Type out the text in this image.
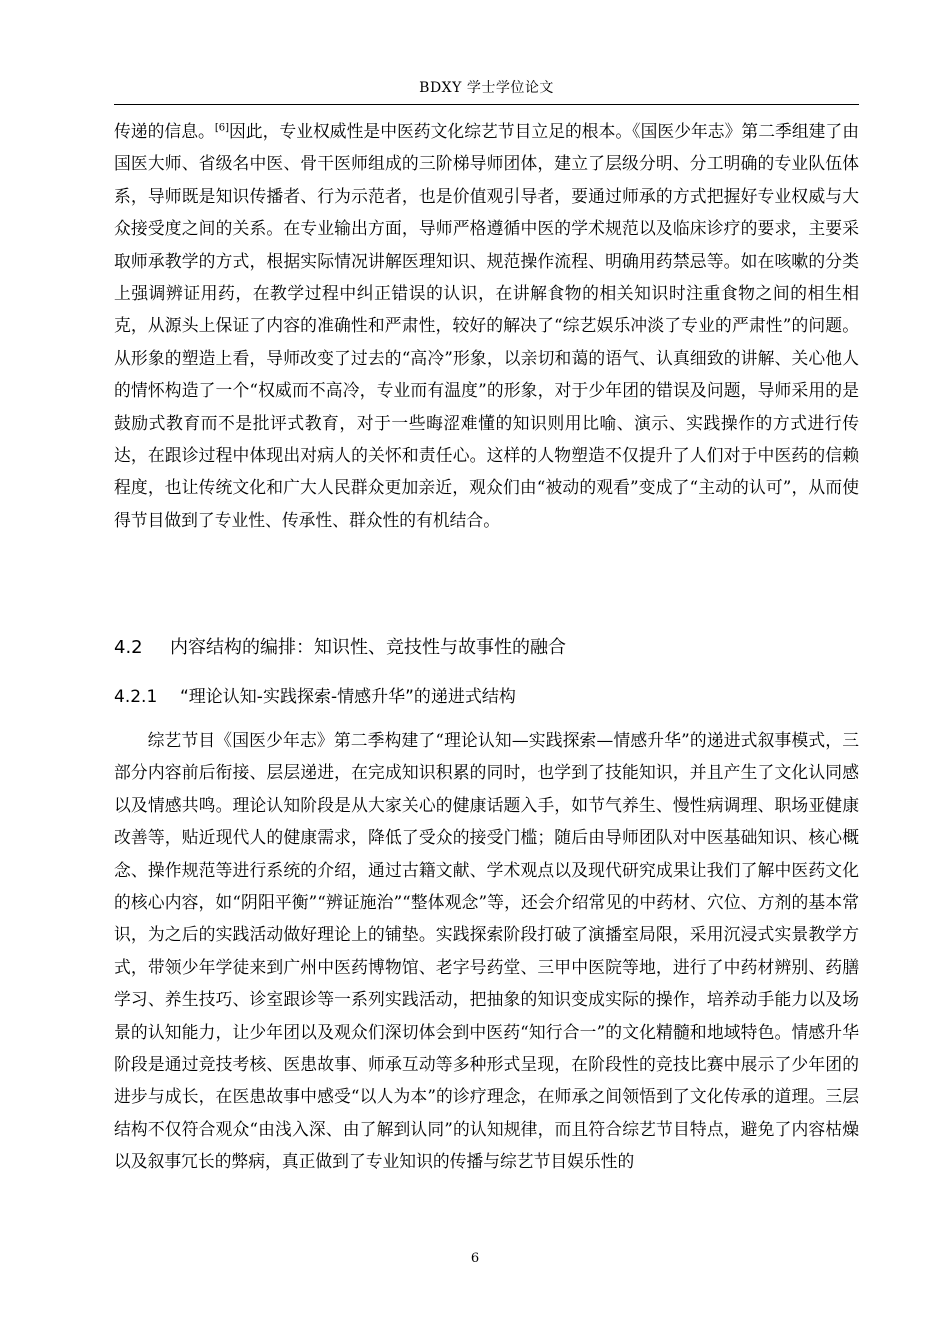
BDXY 学士学位论文

传递的信息。[6]因此，专业权威性是中医药文化综艺节目立足的根本。《国医少年志》第二季组建了由国医大师、省级名中医、骨干医师组成的三阶梯导师团体，建立了层级分明、分工明确的专业队伍体系，导师既是知识传播者、行为示范者，也是价值观引导者，要通过师承的方式把握好专业权威与大众接受度之间的关系。在专业输出方面，导师严格遵循中医的学术规范以及临床诊疗的要求，主要采取师承教学的方式，根据实际情况讲解医理知识、规范操作流程、明确用药禁忌等。如在咳嗽的分类上强调辨证用药，在教学过程中纠正错误的认识，在讲解食物的相关知识时注重食物之间的相生相克，从源头上保证了内容的准确性和严肃性，较好的解决了“综艺娱乐冲淡了专业的严肃性”的问题。从形象的塑造上看，导师改变了过去的“高冷”形象，以亲切和蔼的语气、认真细致的讲解、关心他人的情怀构造了一个“权威而不高冷，专业而有温度”的形象，对于少年团的错误及问题，导师采用的是鼓励式教育而不是批评式教育，对于一些晦涩难懂的知识则用比喻、演示、实践操作的方式进行传达，在跟诊过程中体现出对病人的关怀和责任心。这样的人物塑造不仅提升了人们对于中医药的信赖程度，也让传统文化和广大人民群众更加亲近，观众们由“被动的观看”变成了“主动的认可”，从而使得节目做到了专业性、传承性、群众性的有机结合。

4.2 内容结构的编排：知识性、竞技性与故事性的融合
4.2.1 “理论认知-实践探索-情感升华”的递进式结构

综艺节目《国医少年志》第二季构建了“理论认知—实践探索—情感升华”的递进式叙事模式，三部分内容前后衔接、层层递进，在完成知识积累的同时，也学到了技能知识，并且产生了文化认同感以及情感共鸣。理论认知阶段是从大家关心的健康话题入手，如节气养生、慢性病调理、职场亚健康改善等，贴近现代人的健康需求，降低了受众的接受门槛；随后由导师团队对中医基础知识、核心概念、操作规范等进行系统的介绍，通过古籍文献、学术观点以及现代研究成果让我们了解中医药文化的核心内容，如“阴阳平衡”“辨证施治”“整体观念”等，还会介绍常见的中药材、穴位、方剂的基本常识，为之后的实践活动做好理论上的铺垫。实践探索阶段打破了演播室局限，采用沉浸式实景教学方式，带领少年学徒来到广州中医药博物馆、老字号药堂、三甲中医院等地，进行了中药材辨别、药膳学习、养生技巧、诊室跟诊等一系列实践活动，把抽象的知识变成实际的操作，培养动手能力以及场景的认知能力，让少年团以及观众们深切体会到中医药“知行合一”的文化精髓和地域特色。情感升华阶段是通过竞技考核、医患故事、师承互动等多种形式呈现，在阶段性的竞技比赛中展示了少年团的进步与成长，在医患故事中感受“以人为本”的诊疗理念，在师承之间领悟到了文化传承的道理。三层结构不仅符合观众“由浅入深、由了解到认同”的认知规律，而且符合综艺节目特点，避免了内容枯燥以及叙事冗长的弊病，真正做到了专业知识的传播与综艺节目娱乐性的

6
